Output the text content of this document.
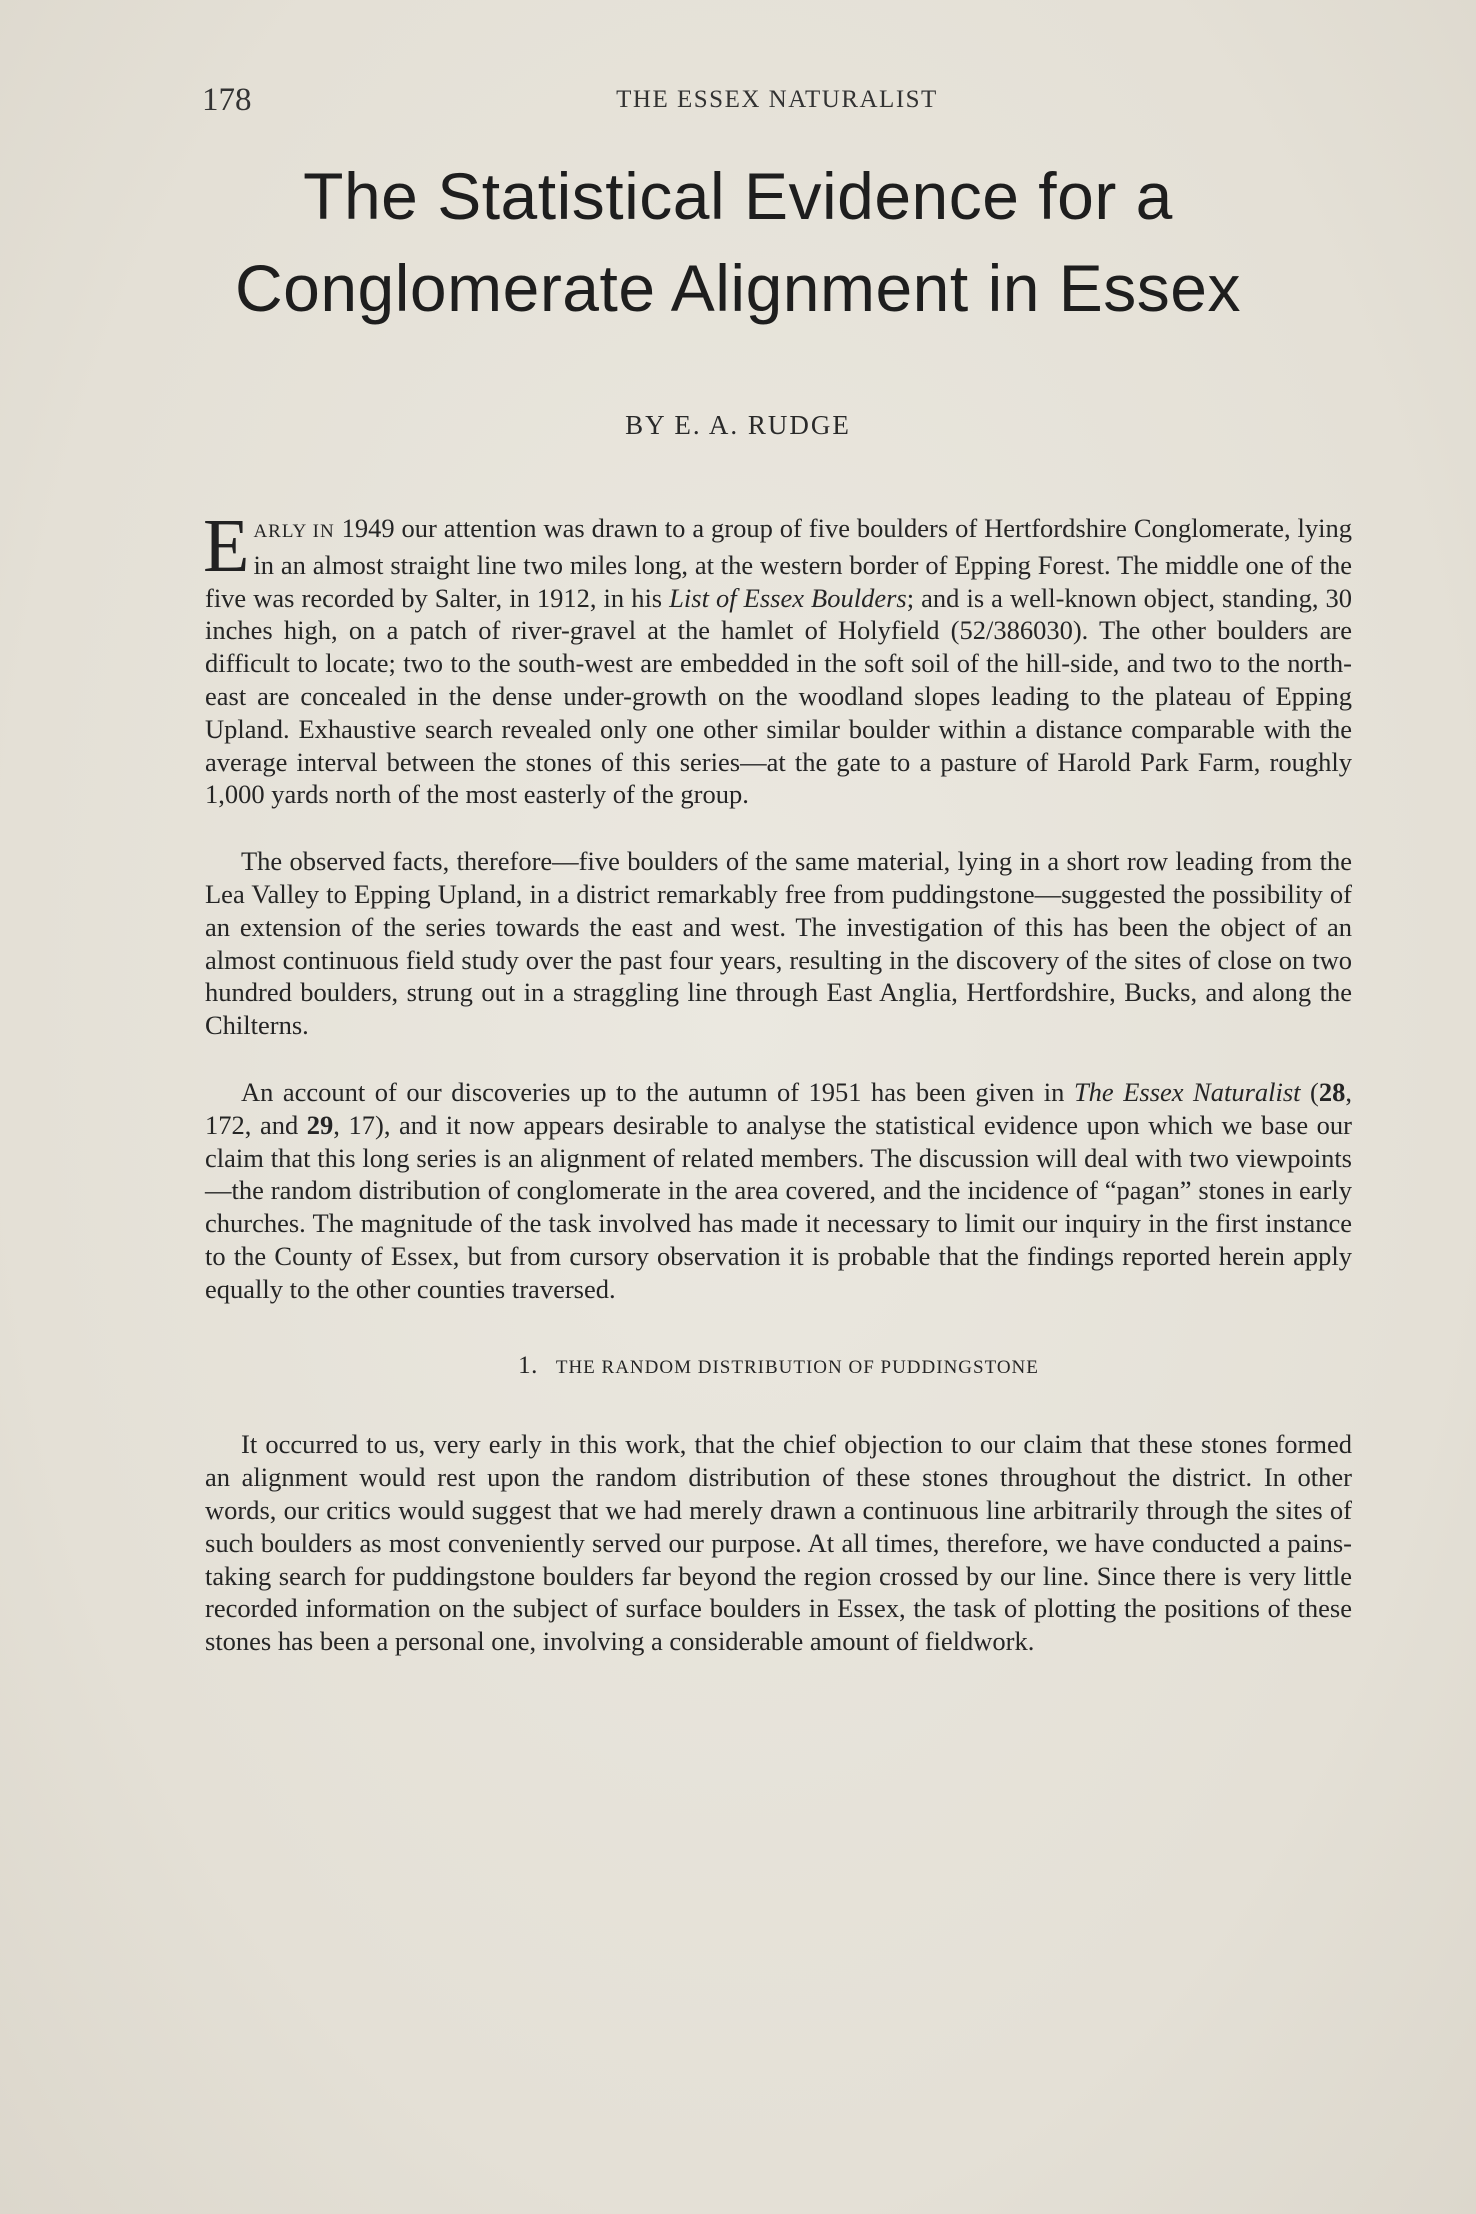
178	THE ESSEX NATURALIST
The Statistical Evidence for a
Conglomerate Alignment in Essex
BY E. A. RUDGE

EARLY IN 1949 our attention was drawn to a group of five boulders of Hertfordshire Conglomerate, lying in an almost straight line two miles long, at the western border of Epping Forest. The middle one of the five was recorded by Salter, in 1912, in his List of Essex Boulders; and is a well-known object, standing, 30 inches high, on a patch of river-gravel at the hamlet of Holyfield (52/386030). The other boulders are difficult to locate; two to the south-west are embedded in the soft soil of the hill-side, and two to the north-east are concealed in the dense under-growth on the woodland slopes leading to the plateau of Epping Upland. Exhaustive search revealed only one other similar boulder within a distance comparable with the average interval between the stones of this series—at the gate to a pasture of Harold Park Farm, roughly 1,000 yards north of the most easterly of the group.

The observed facts, therefore—five boulders of the same material, lying in a short row leading from the Lea Valley to Epping Upland, in a district remarkably free from puddingstone—suggested the possibility of an extension of the series towards the east and west. The investigation of this has been the object of an almost continuous field study over the past four years, resulting in the discovery of the sites of close on two hundred boulders, strung out in a straggling line through East Anglia, Hertfordshire, Bucks, and along the Chilterns.

An account of our discoveries up to the autumn of 1951 has been given in The Essex Naturalist (28, 172, and 29, 17), and it now appears desirable to analyse the statistical evidence upon which we base our claim that this long series is an alignment of related members. The discussion will deal with two viewpoints—the random distribution of conglomerate in the area covered, and the incidence of “pagan” stones in early churches. The magnitude of the task involved has made it necessary to limit our inquiry in the first instance to the County of Essex, but from cursory observation it is probable that the findings reported herein apply equally to the other counties traversed.

1. THE RANDOM DISTRIBUTION OF PUDDINGSTONE

It occurred to us, very early in this work, that the chief objection to our claim that these stones formed an alignment would rest upon the random distribution of these stones throughout the district. In other words, our critics would suggest that we had merely drawn a continuous line arbitrarily through the sites of such boulders as most conveniently served our purpose. At all times, therefore, we have conducted a pains-taking search for puddingstone boulders far beyond the region crossed by our line. Since there is very little recorded information on the subject of surface boulders in Essex, the task of plotting the positions of these stones has been a personal one, involving a considerable amount of fieldwork.
